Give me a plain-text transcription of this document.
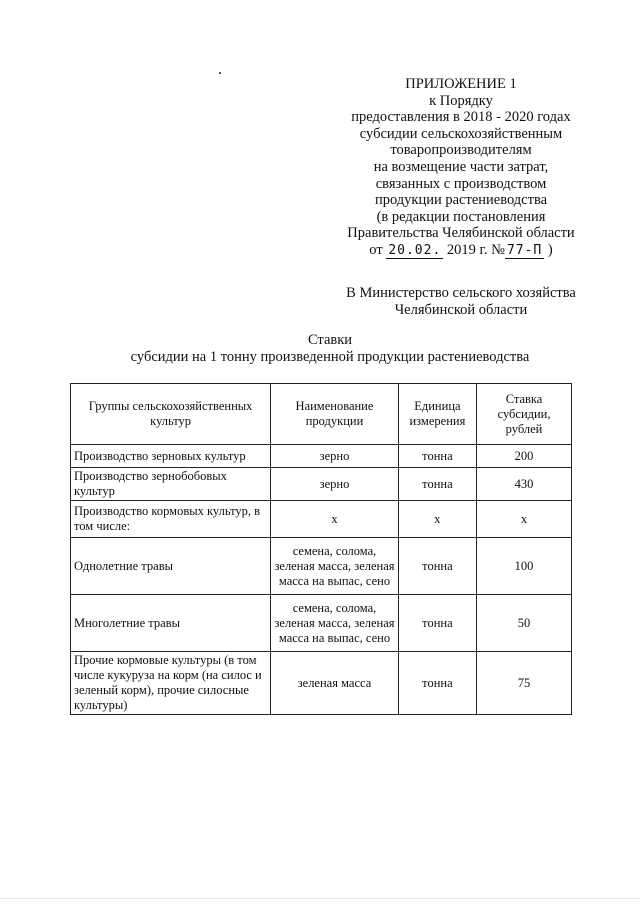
ПРИЛОЖЕНИЕ 1
к Порядку
предоставления в 2018 - 2020 годах
субсидии сельскохозяйственным
товаропроизводителям
на возмещение части затрат,
связанных с производством
продукции растениеводства
(в редакции постановления
Правительства Челябинской области
от 20.02. 2019 г. № 77-П )
В Министерство сельского хозяйства
Челябинской области
Ставки
субсидии на 1 тонну произведенной продукции растениеводства
Группы сельскохозяйственных культур	Наименование продукции	Единица измерения	Ставка субсидии, рублей
Производство зерновых культур	зерно	тонна	200
Производство зернобобовых культур	зерно	тонна	430
Производство кормовых культур, в том числе:	х	х	х
Однолетние травы	семена, солома, зеленая масса, зеленая масса на выпас, сено	тонна	100
Многолетние травы	семена, солома, зеленая масса, зеленая масса на выпас, сено	тонна	50
Прочие кормовые культуры (в том числе кукуруза на корм (на силос и зеленый корм), прочие силосные культуры)	зеленая масса	тонна	75
